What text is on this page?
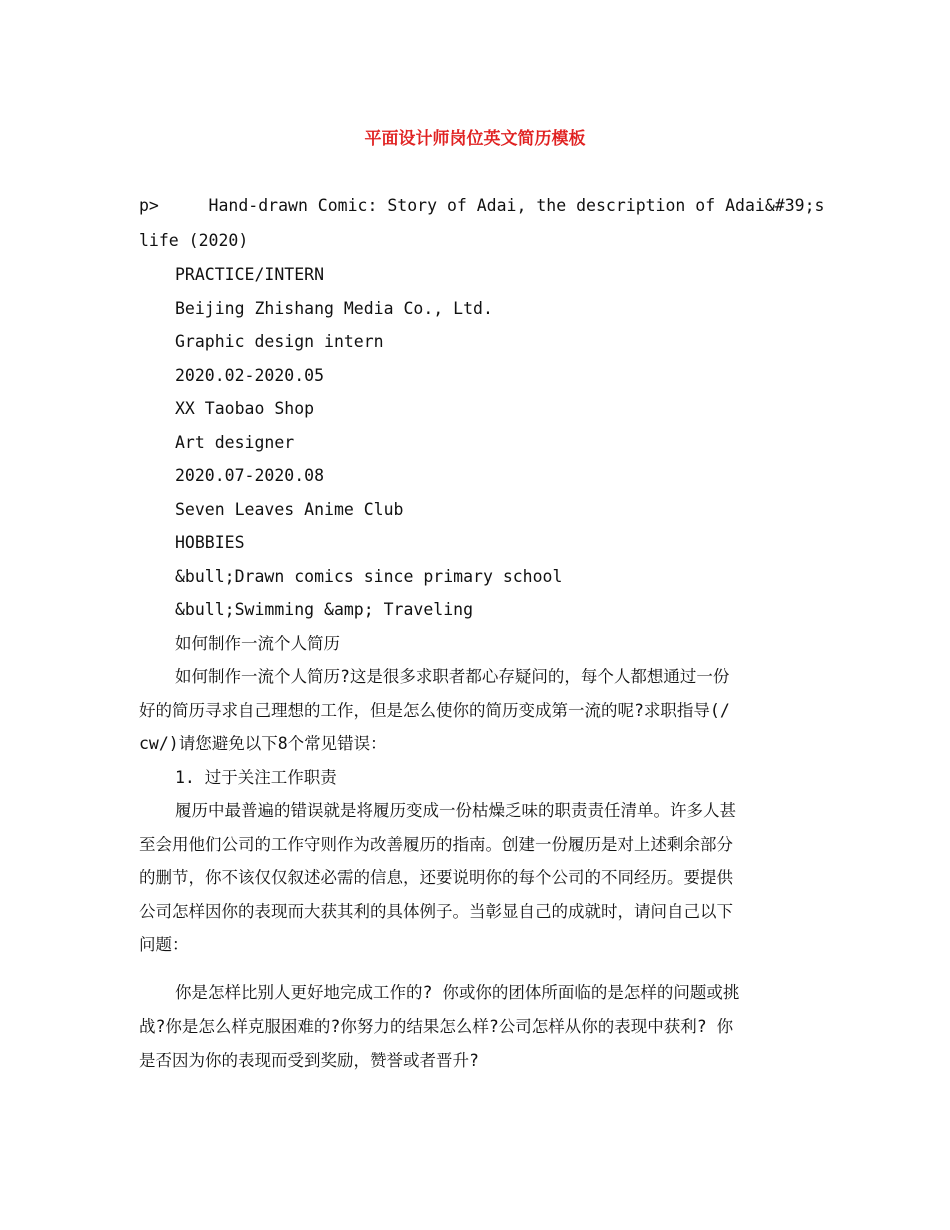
平面设计师岗位英文简历模板
p>     Hand-drawn Comic: Story of Adai, the description of Adai&#39;s
life (2020)
PRACTICE/INTERN
Beijing Zhishang Media Co., Ltd.
Graphic design intern
2020.02-2020.05
XX Taobao Shop
Art designer
2020.07-2020.08
Seven Leaves Anime Club
HOBBIES
&bull;Drawn comics since primary school
&bull;Swimming &amp; Traveling
如何制作一流个人简历
如何制作一流个人简历?这是很多求职者都心存疑问的，每个人都想通过一份
好的简历寻求自己理想的工作，但是怎么使你的简历变成第一流的呢?求职指导(/
cw/)请您避免以下8个常见错误：
1. 过于关注工作职责
履历中最普遍的错误就是将履历变成一份枯燥乏味的职责责任清单。许多人甚
至会用他们公司的工作守则作为改善履历的指南。创建一份履历是对上述剩余部分
的删节，你不该仅仅叙述必需的信息，还要说明你的每个公司的不同经历。要提供
公司怎样因你的表现而大获其利的具体例子。当彰显自己的成就时，请问自己以下
问题：
你是怎样比别人更好地完成工作的? 你或你的团体所面临的是怎样的问题或挑
战?你是怎么样克服困难的?你努力的结果怎么样?公司怎样从你的表现中获利? 你
是否因为你的表现而受到奖励，赞誉或者晋升?
